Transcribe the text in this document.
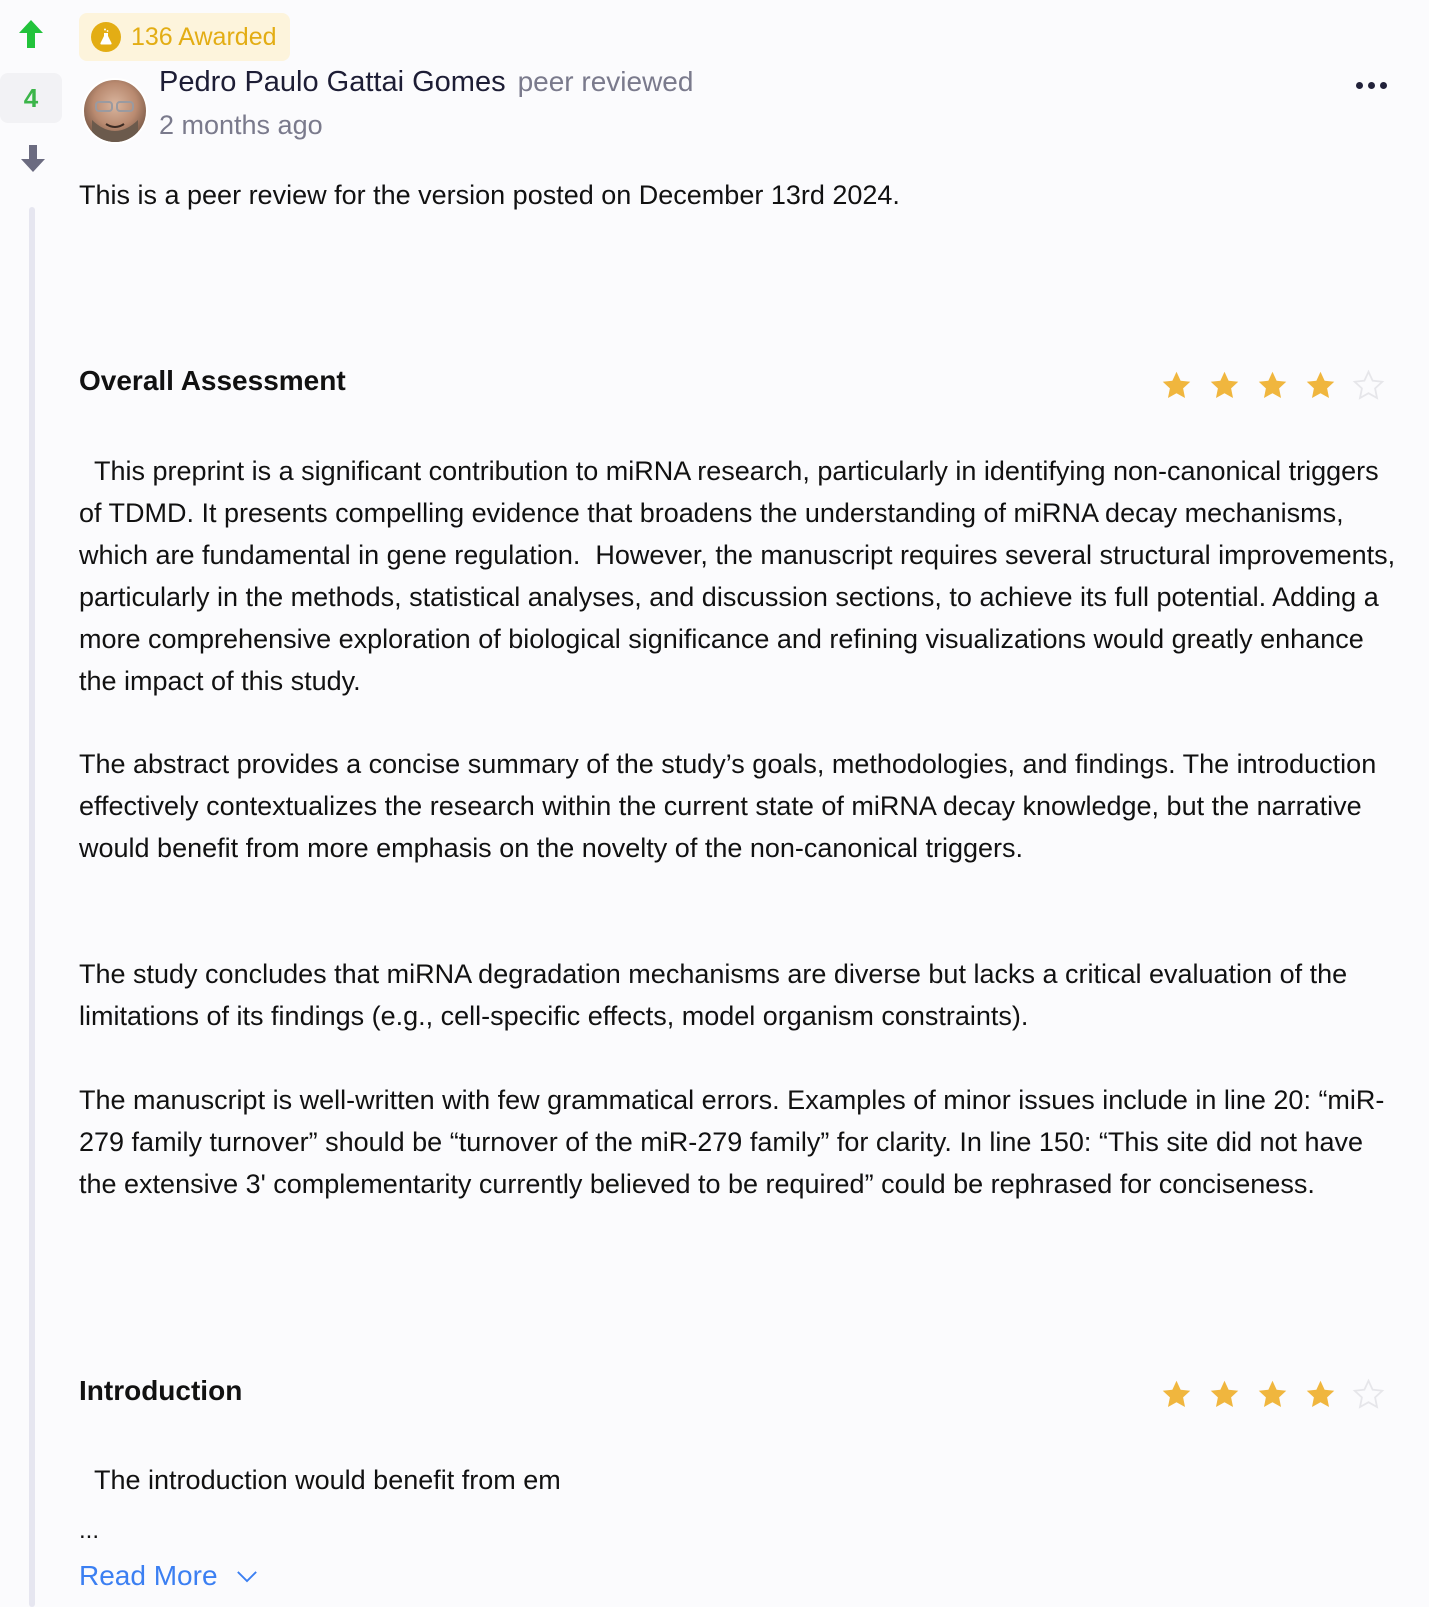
4
136 Awarded
Pedro Paulo Gattai Gomes peer reviewed
2 months ago
This is a peer review for the version posted on December 13rd 2024.
Overall Assessment
This preprint is a significant contribution to miRNA research, particularly in identifying non-canonical triggers of TDMD. It presents compelling evidence that broadens the understanding of miRNA decay mechanisms, which are fundamental in gene regulation.  However, the manuscript requires several structural improvements, particularly in the methods, statistical analyses, and discussion sections, to achieve its full potential. Adding a more comprehensive exploration of biological significance and refining visualizations would greatly enhance the impact of this study.
The abstract provides a concise summary of the study’s goals, methodologies, and findings. The introduction effectively contextualizes the research within the current state of miRNA decay knowledge, but the narrative would benefit from more emphasis on the novelty of the non-canonical triggers.
The study concludes that miRNA degradation mechanisms are diverse but lacks a critical evaluation of the limitations of its findings (e.g., cell-specific effects, model organism constraints).
The manuscript is well-written with few grammatical errors. Examples of minor issues include in line 20: “miR-279 family turnover” should be “turnover of the miR-279 family” for clarity. In line 150: “This site did not have the extensive 3' complementarity currently believed to be required” could be rephrased for conciseness.
Introduction
The introduction would benefit from em
...
Read More
